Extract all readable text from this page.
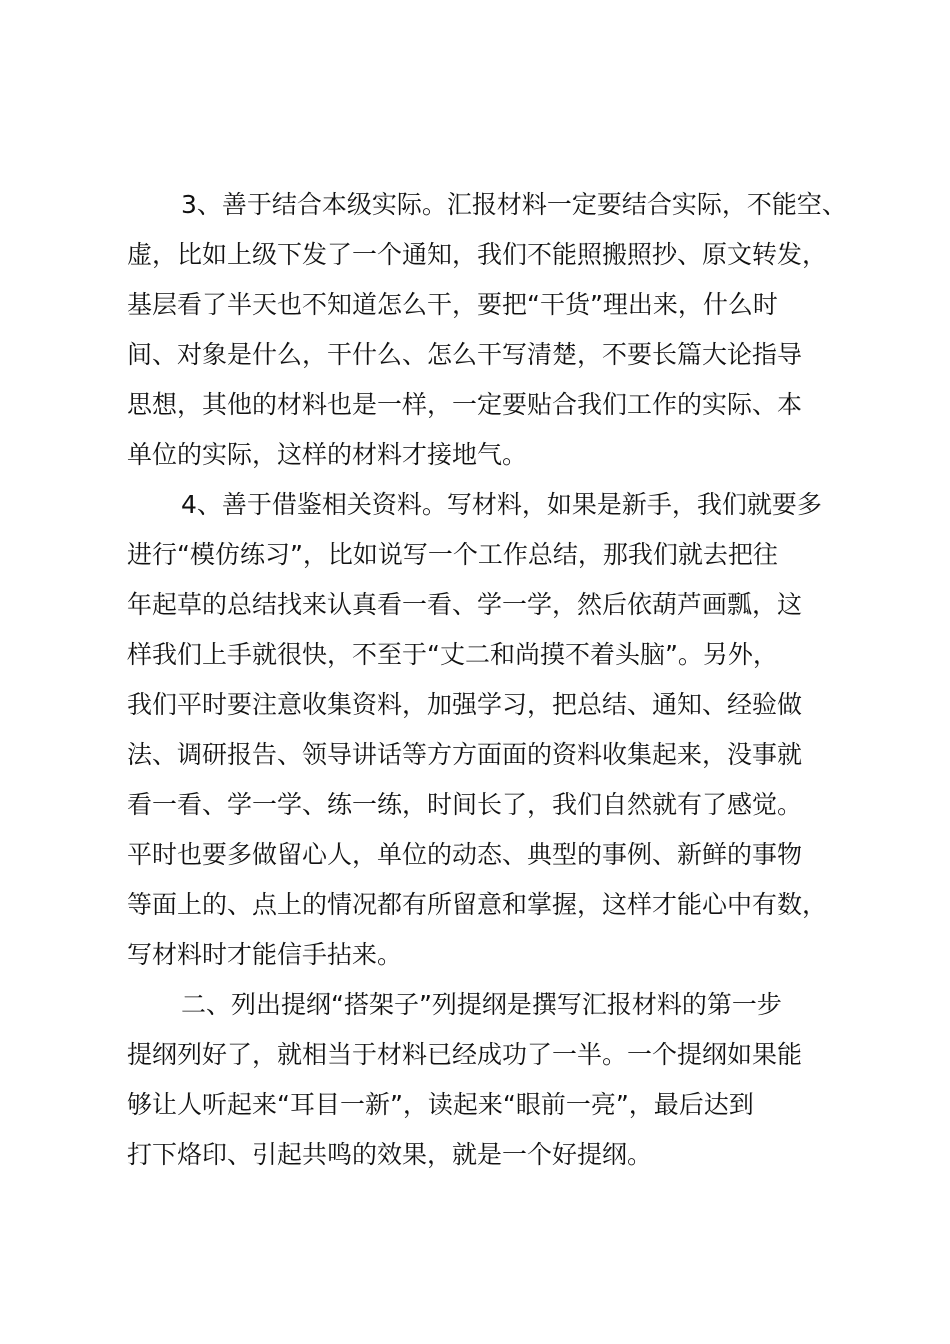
3、善于结合本级实际。汇报材料一定要结合实际，不能空、
虚，比如上级下发了一个通知，我们不能照搬照抄、原文转发，
基层看了半天也不知道怎么干，要把“干货”理出来，什么时
间、对象是什么，干什么、怎么干写清楚，不要长篇大论指导
思想，其他的材料也是一样，一定要贴合我们工作的实际、本
单位的实际，这样的材料才接地气。
4、善于借鉴相关资料。写材料，如果是新手，我们就要多
进行“模仿练习”，比如说写一个工作总结，那我们就去把往
年起草的总结找来认真看一看、学一学，然后依葫芦画瓢，这
样我们上手就很快，不至于“丈二和尚摸不着头脑”。另外，
我们平时要注意收集资料，加强学习，把总结、通知、经验做
法、调研报告、领导讲话等方方面面的资料收集起来，没事就
看一看、学一学、练一练，时间长了，我们自然就有了感觉。
平时也要多做留心人，单位的动态、典型的事例、新鲜的事物
等面上的、点上的情况都有所留意和掌握，这样才能心中有数，
写材料时才能信手拈来。
二、列出提纲“搭架子”列提纲是撰写汇报材料的第一步
提纲列好了，就相当于材料已经成功了一半。一个提纲如果能
够让人听起来“耳目一新”，读起来“眼前一亮”，最后达到
打下烙印、引起共鸣的效果，就是一个好提纲。
